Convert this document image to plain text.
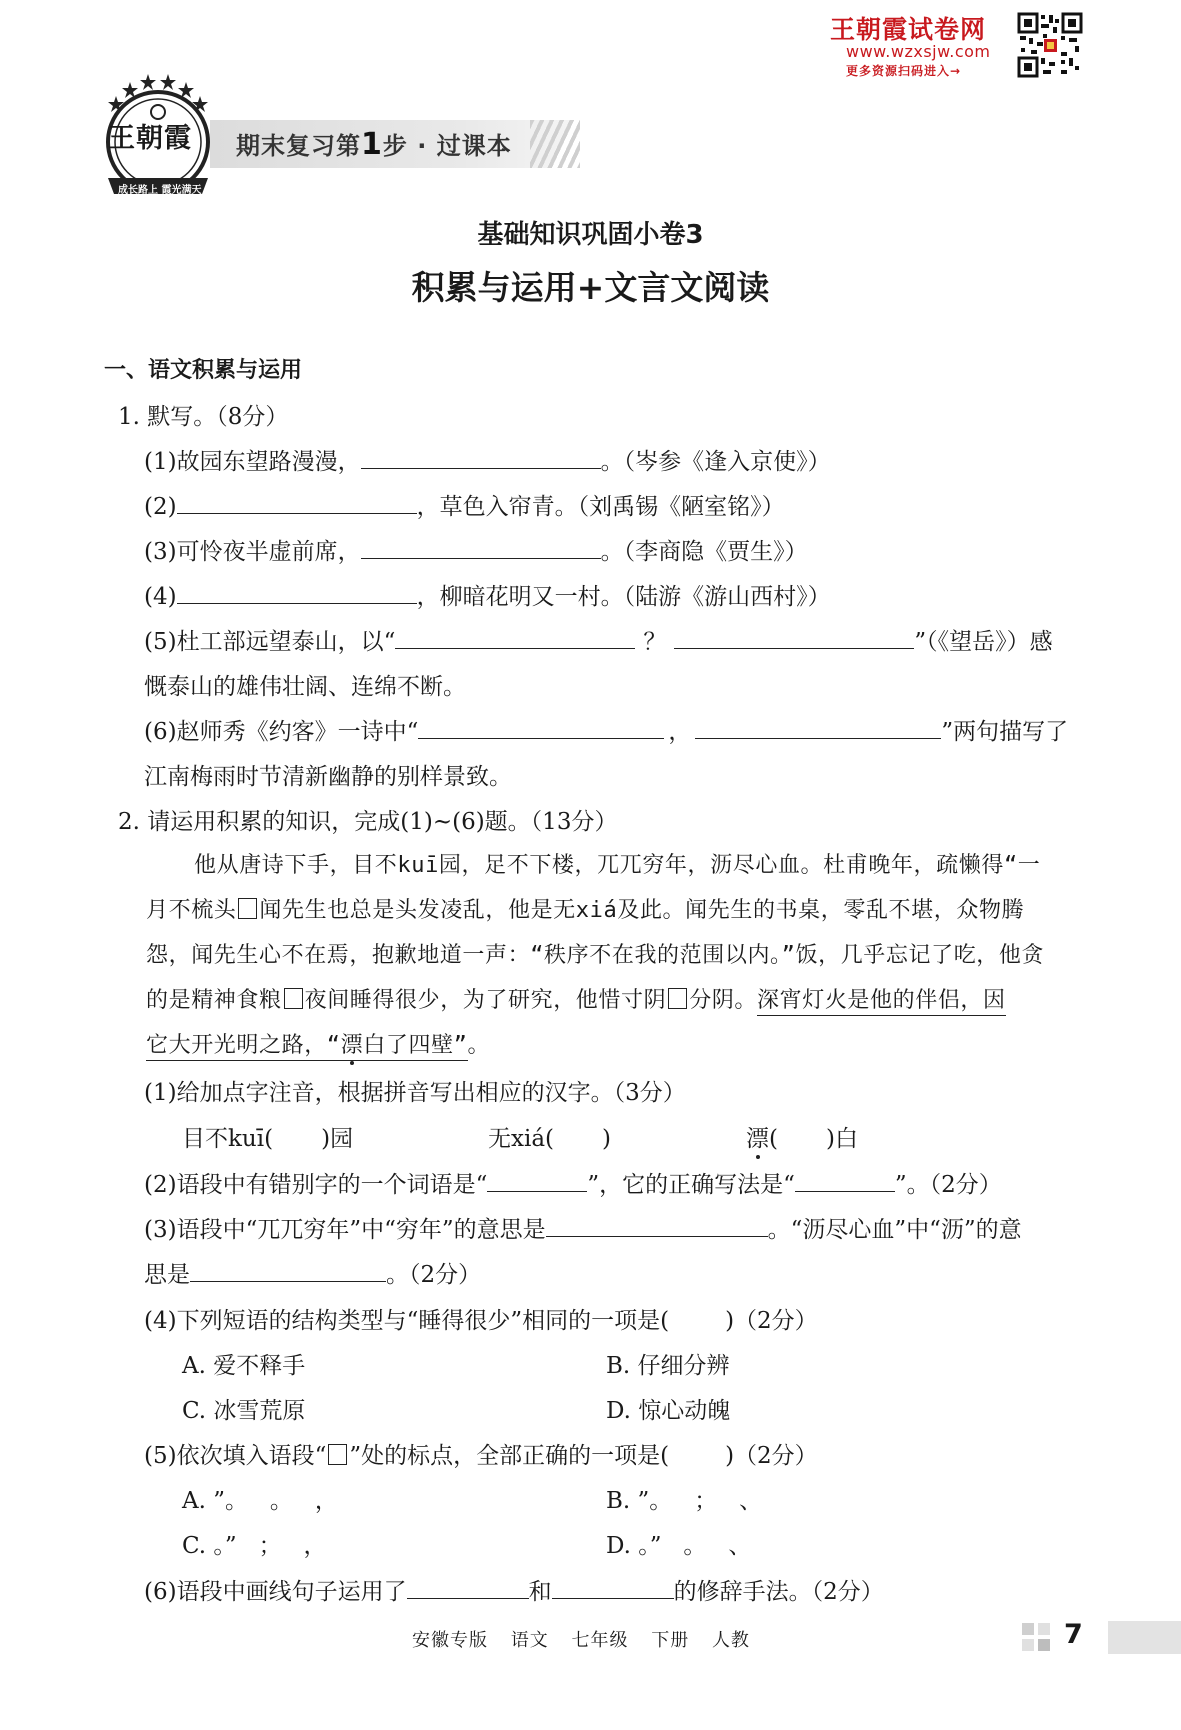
王朝霞试卷网
www.wzxsjw.com
更多资源扫码进入→
王朝霞
成长路上 霞光满天
期末复习第1步 · 过课本
基础知识巩固小卷3
积累与运用+文言文阅读
一、语文积累与运用
1. 默写。（8分）
(1)故园东望路漫漫，	。（岑参《逢入京使》）
(2)	，草色入帘青。（刘禹锡《陋室铭》）
(3)可怜夜半虚前席，	。（李商隐《贾生》）
(4)	，柳暗花明又一村。（陆游《游山西村》）
(5)杜工部远望泰山，以“	？	”（《望岳》）感
慨泰山的雄伟壮阔、连绵不断。
(6)赵师秀《约客》一诗中“	，	”两句描写了
江南梅雨时节清新幽静的别样景致。
2. 请运用积累的知识，完成(1)~(6)题。（13分）
他从唐诗下手，目不kuī园，足不下楼，兀兀穷年，沥尽心血。杜甫晚年，疏懒得“一
月不梳头 闻先生也总是头发凌乱，他是无xiá及此。闻先生的书桌，零乱不堪，众物腾
怨，闻先生心不在焉，抱歉地道一声：“秩序不在我的范围以内。”饭，几乎忘记了吃，他贪
的是精神食粮 夜间睡得很少，为了研究，他惜寸阴 分阴。深宵灯火是他的伴侣，因
它大开光明之路，“漂白了四壁”。
(1)给加点字注音，根据拼音写出相应的汉字。（3分）
目不kuī( )园	无xiá( )	漂( )白
(2)语段中有错别字的一个词语是“	”，它的正确写法是“	”。（2分）
(3)语段中“兀兀穷年”中“穷年”的意思是	。“沥尽心血”中“沥”的意
思是	。（2分）
(4)下列短语的结构类型与“睡得很少”相同的一项是( )（2分）
A. 爱不释手	B. 仔细分辨
C. 冰雪荒原	D. 惊心动魄
(5)依次填入语段“ ”处的标点，全部正确的一项是( )（2分）
A. ”。   。   ，	B. ”。   ；   、
C. 。”   ；   ，	D. 。”   。   、
(6)语段中画线句子运用了	和	的修辞手法。（2分）
安徽专版 语文 七年级 下册 人教	7
